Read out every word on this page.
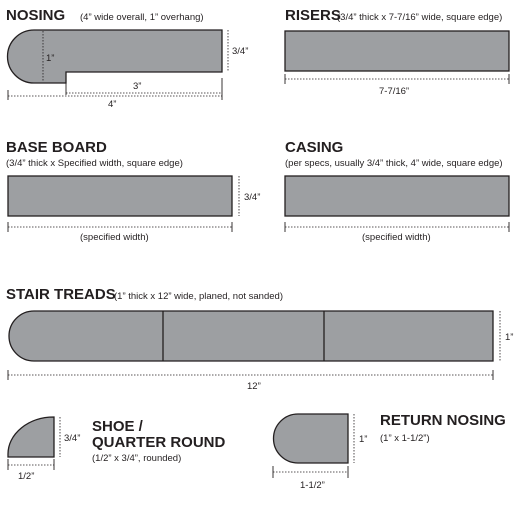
NOSING (4” wide overall, 1” overhang)
1”
3/4”
3”
4”
RISERS
(3/4” thick x 7-7/16” wide, square edge)
7-7/16”
BASE BOARD
(3/4” thick x Specified width, square edge)
3/4”
(specified width)
CASING
(per specs, usually 3/4” thick, 4” wide, square edge)
(specified width)
STAIR TREADS
(1” thick x 12” wide, planed, not sanded)
1”
12”
3/4”
1/2”
SHOE /
QUARTER ROUND
(1/2” x 3/4”, rounded)
1”
1-1/2”
RETURN NOSING
(1” x 1-1/2”)
